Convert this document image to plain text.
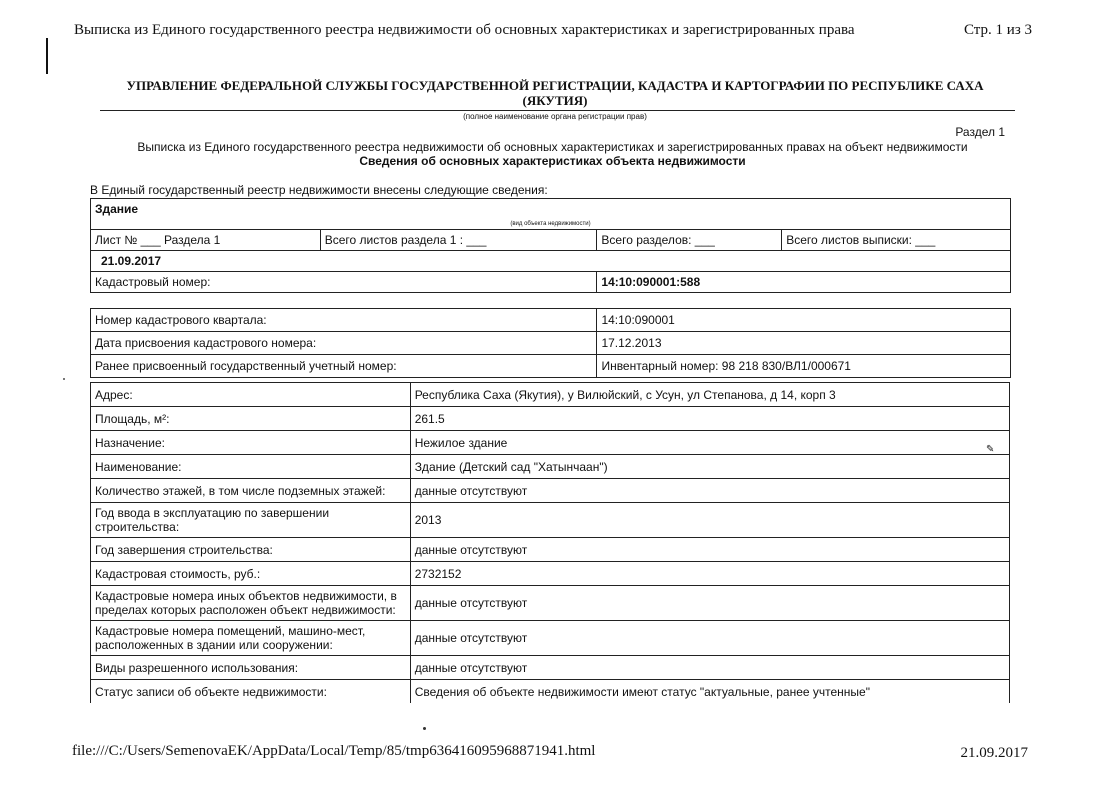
Выписка из Единого государственного реестра недвижимости об основных характеристиках и зарегистрированных права	Стр. 1 из 3
УПРАВЛЕНИЕ ФЕДЕРАЛЬНОЙ СЛУЖБЫ ГОСУДАРСТВЕННОЙ РЕГИСТРАЦИИ, КАДАСТРА И КАРТОГРАФИИ ПО РЕСПУБЛИКЕ САХА (ЯКУТИЯ)
(полное наименование органа регистрации прав)
Раздел 1
Выписка из Единого государственного реестра недвижимости об основных характеристиках и зарегистрированных правах на объект недвижимости
Сведения об основных характеристиках объекта недвижимости
В Единый государственный реестр недвижимости внесены следующие сведения:
Здание			
(вид объекта недвижимости)			
Лист № ___ Раздела 1	Всего листов раздела 1 : ___	Всего разделов: ___	Всего листов выписки: ___
21.09.2017			
Кадастровый номер:		14:10:090001:588	
Номер кадастрового квартала:	14:10:090001
Дата присвоения кадастрового номера:	17.12.2013
Ранее присвоенный государственный учетный номер:	Инвентарный номер: 98 218 830/ВЛ1/000671
Адрес:	Республика Саха (Якутия), у Вилюйский, с Усун, ул Степанова, д 14, корп 3
Площадь, м²:	261.5
Назначение:	Нежилое здание
Наименование:	Здание (Детский сад "Хатынчаан")
Количество этажей, в том числе подземных этажей:	данные отсутствуют
Год ввода в эксплуатацию по завершении строительства:	2013
Год завершения строительства:	данные отсутствуют
Кадастровая стоимость, руб.:	2732152
Кадастровые номера иных объектов недвижимости, в пределах которых расположен объект недвижимости:	данные отсутствуют
Кадастровые номера помещений, машино-мест, расположенных в здании или сооружении:	данные отсутствуют
Виды разрешенного использования:	данные отсутствуют
Статус записи об объекте недвижимости:	Сведения об объекте недвижимости имеют статус "актуальные, ранее учтенные"
✎
file:///C:/Users/SemenovaEK/AppData/Local/Temp/85/tmp636416095968871941.html	21.09.2017
